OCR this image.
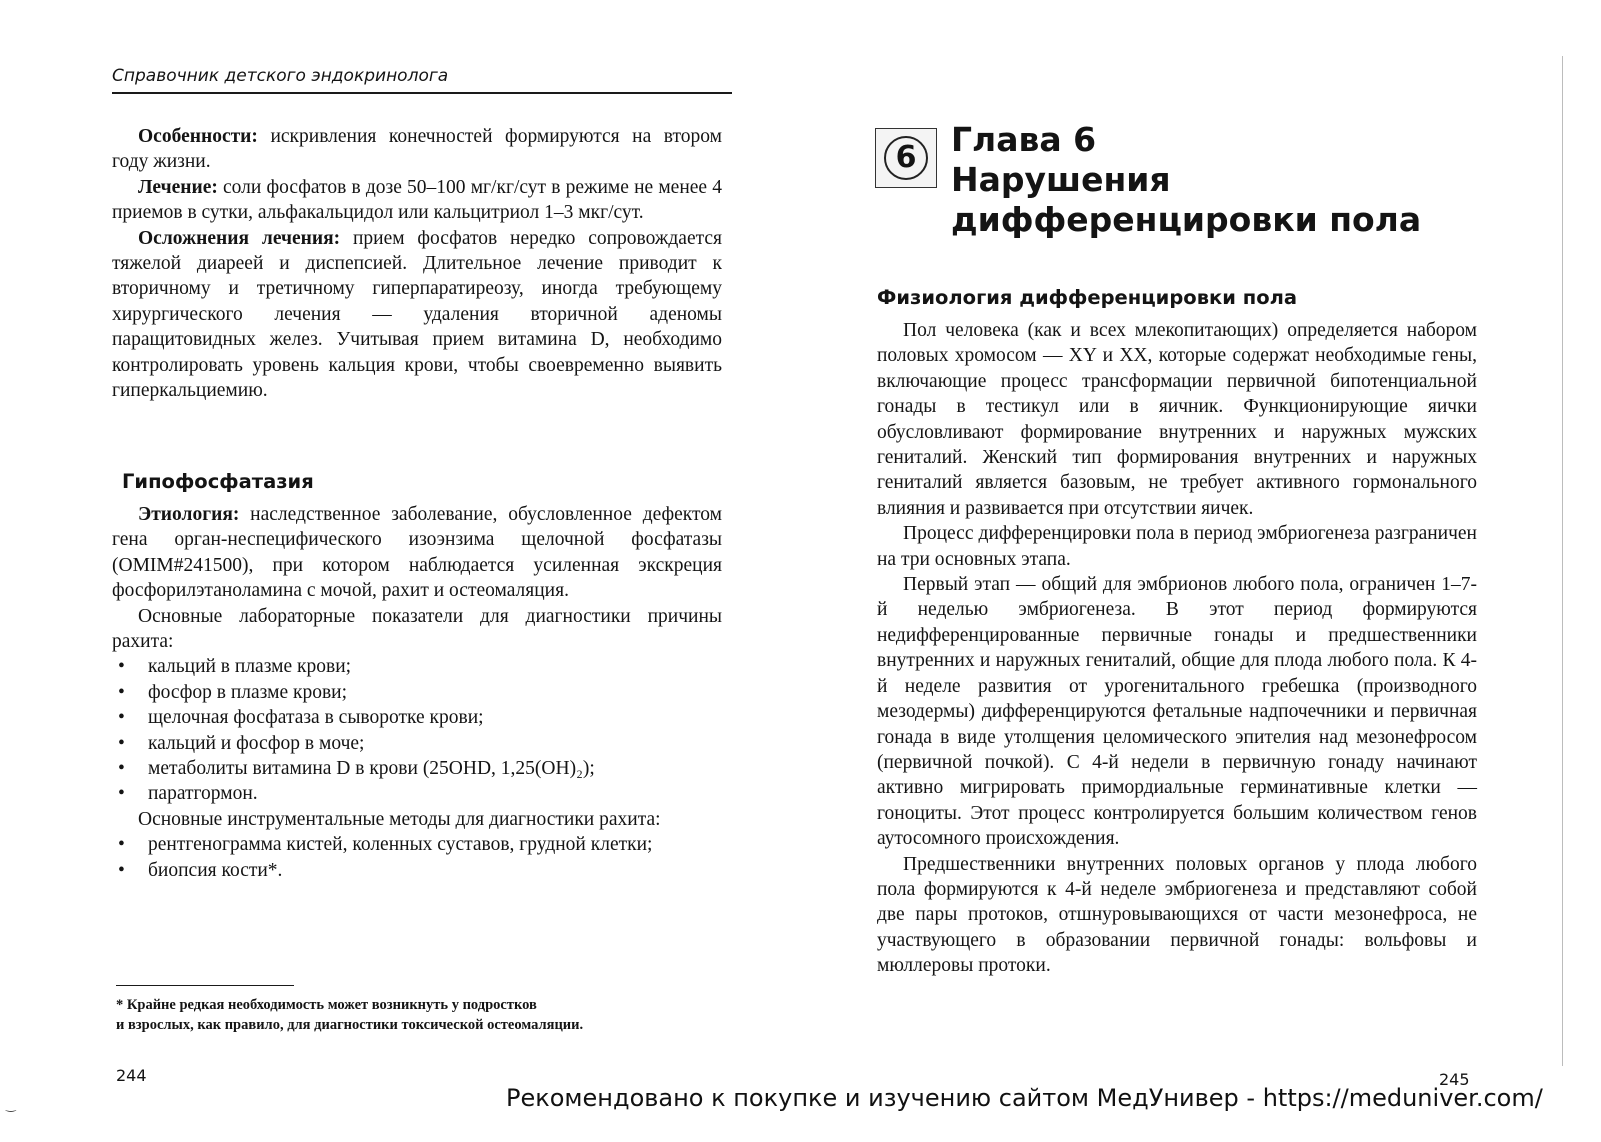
Справочник детского эндокринолога

Особенности: искривления конечностей формируются на втором году жизни.

Лечение: соли фосфатов в дозе 50–100 мг/кг/сут в режиме не менее 4 приемов в сутки, альфакальцидол или кальцитриол 1–3 мкг/сут.

Осложнения лечения: прием фосфатов нередко сопровождается тяжелой диареей и диспепсией. Длительное лечение приводит к вторичному и третичному гиперпаратиреозу, иногда требующему хирургического лечения — удаления вторичной аденомы паращитовидных желез. Учитывая прием витамина D, необходимо контролировать уровень кальция крови, чтобы своевременно выявить гиперкальциемию.

Гипофосфатазия

Этиология: наследственное заболевание, обусловленное дефектом гена орган-неспецифического изоэнзима щелочной фосфатазы (OMIM#241500), при котором наблюдается усиленная экскреция фосфорилэтаноламина с мочой, рахит и остеомаляция.

Основные лабораторные показатели для диагностики причины рахита:

• кальций в плазме крови;
• фосфор в плазме крови;
• щелочная фосфатаза в сыворотке крови;
• кальций и фосфор в моче;
• метаболиты витамина D в крови (25OHD, 1,25(OH)₂);
• паратгормон.

Основные инструментальные методы для диагностики рахита:

• рентгенограмма кистей, коленных суставов, грудной клетки;
• биопсия кости*.
* Крайне редкая необходимость может возникнуть у подростков
и взрослых, как правило, для диагностики токсической остеомаляции.
244
6	Глава 6
Нарушения
дифференцировки пола
Физиология дифференцировки пола

Пол человека (как и всех млекопитающих) определяется набором половых хромосом — XY и XX, которые содержат необходимые гены, включающие процесс трансформации первичной бипотенциальной гонады в тестикул или в яичник. Функционирующие яички обусловливают формирование внутренних и наружных мужских гениталий. Женский тип формирования внутренних и наружных гениталий является базовым, не требует активного гормонального влияния и развивается при отсутствии яичек.

Процесс дифференцировки пола в период эмбриогенеза разграничен на три основных этапа.

Первый этап — общий для эмбрионов любого пола, ограничен 1–7-й неделью эмбриогенеза. В этот период формируются недифференцированные первичные гонады и предшественники внутренних и наружных гениталий, общие для плода любого пола. К 4-й неделе развития от урогенитального гребешка (производного мезодермы) дифференцируются фетальные надпочечники и первичная гонада в виде утолщения целомического эпителия над мезонефросом (первичной почкой). С 4-й недели в первичную гонаду начинают активно мигрировать примордиальные герминативные клетки — гоноциты. Этот процесс контролируется большим количеством генов аутосомного происхождения.

Предшественники внутренних половых органов у плода любого пола формируются к 4-й неделе эмбриогенеза и представляют собой две пары протоков, отшнуровывающихся от части мезонефроса, не участвующего в образовании первичной гонады: вольфовы и мюллеровы протоки.

245
‿	Рекомендовано к покупке и изучению сайтом МедУнивер - https://meduniver.com/
